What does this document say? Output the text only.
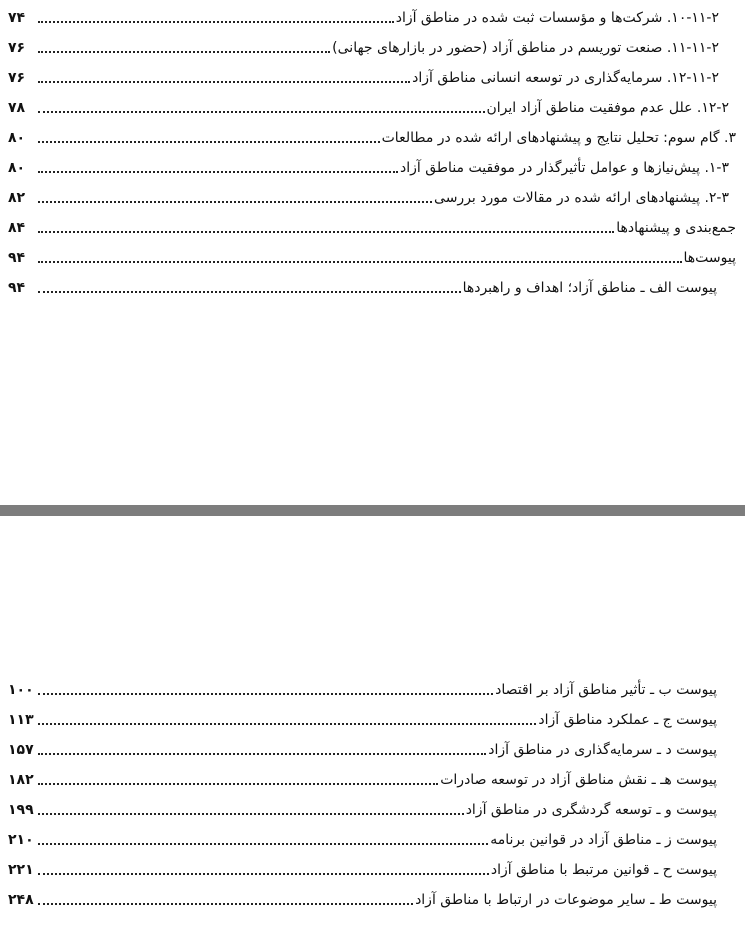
۱۰-۱۱-۲. شرکت‌ها و مؤسسات ثبت شده در مناطق آزاد
۷۴
۱۱-۱۱-۲. صنعت توریسم در مناطق آزاد (حضور در بازارهای جهانی)
۷۶
۱۲-۱۱-۲. سرمایه‌گذاری در توسعه انسانی مناطق آزاد
۷۶
۱۲-۲. علل عدم موفقیت مناطق آزاد ایران
۷۸
۳. گام سوم: تحلیل نتایج و پیشنهادهای ارائه شده در مطالعات
۸۰
۱-۳. پیش‌نیازها و عوامل تأثیرگذار در موفقیت مناطق آزاد
۸۰
۲-۳. پیشنهادهای ارائه شده در مقالات مورد بررسی
۸۲
جمع‌بندی و پیشنهادها
۸۴
پیوست‌ها
۹۴
پیوست الف ـ مناطق آزاد؛ اهداف و راهبردها
۹۴
پیوست ب ـ تأثیر مناطق آزاد بر اقتصاد
۱۰۰
پیوست ج ـ عملکرد مناطق آزاد
۱۱۳
پیوست د ـ سرمایه‌گذاری در مناطق آزاد
۱۵۷
پیوست هـ ـ نقش مناطق آزاد در توسعه صادرات
۱۸۲
پیوست و ـ توسعه گردشگری در مناطق آزاد
۱۹۹
پیوست ز ـ مناطق آزاد در قوانین برنامه
۲۱۰
پیوست ح ـ قوانین مرتبط با مناطق آزاد
۲۲۱
پیوست ط ـ سایر موضوعات در ارتباط با مناطق آزاد
۲۴۸
